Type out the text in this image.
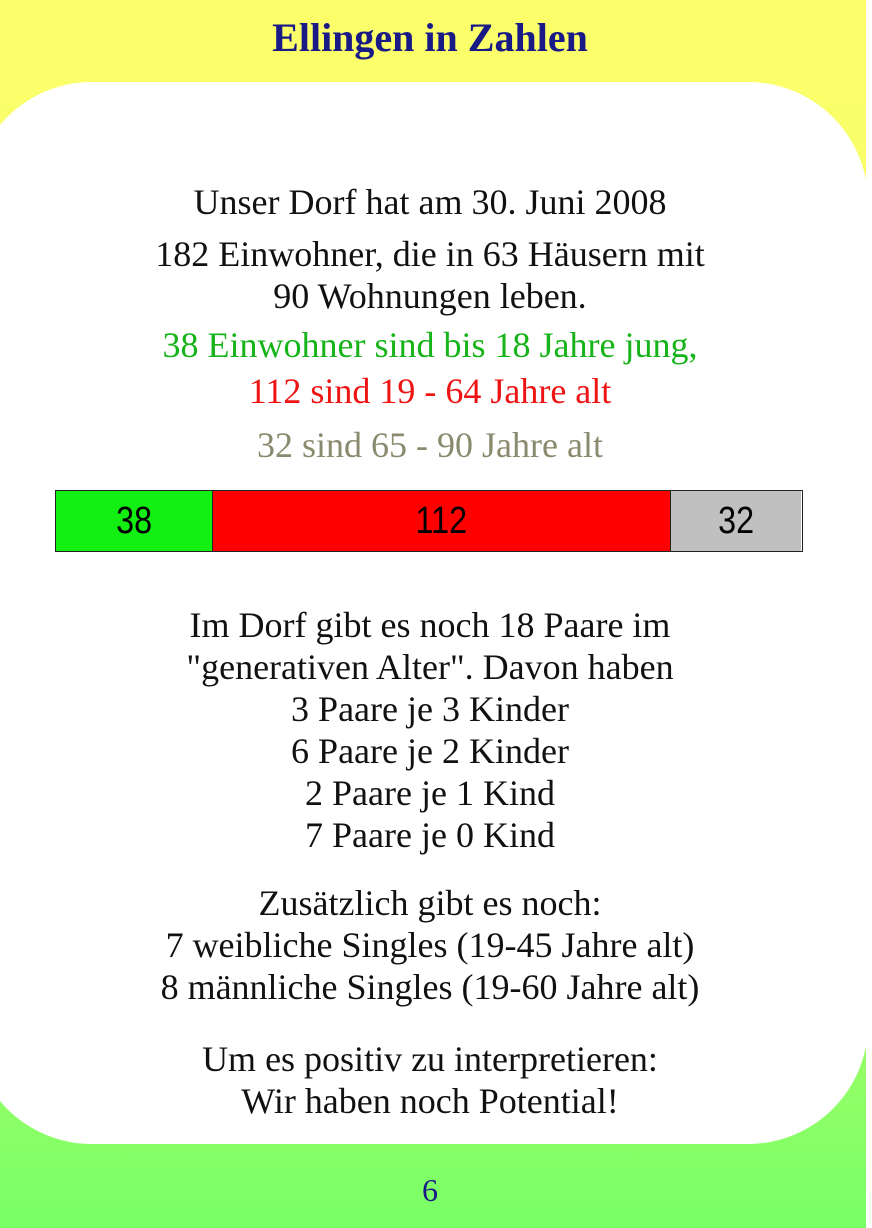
Ellingen in Zahlen
Unser Dorf hat am 30. Juni 2008
182 Einwohner, die in 63 Häusern mit
90 Wohnungen leben.
38 Einwohner sind bis 18 Jahre jung,
112 sind 19 - 64 Jahre alt
32 sind 65 - 90 Jahre alt
38	112	32
Im Dorf gibt es noch 18 Paare im
"generativen Alter". Davon haben
3 Paare je 3 Kinder
6 Paare je 2 Kinder
2 Paare je 1 Kind
7 Paare je 0 Kind
Zusätzlich gibt es noch:
7 weibliche Singles (19-45 Jahre alt)
8 männliche Singles (19-60 Jahre alt)
Um es positiv zu interpretieren:
Wir haben noch Potential!
6
